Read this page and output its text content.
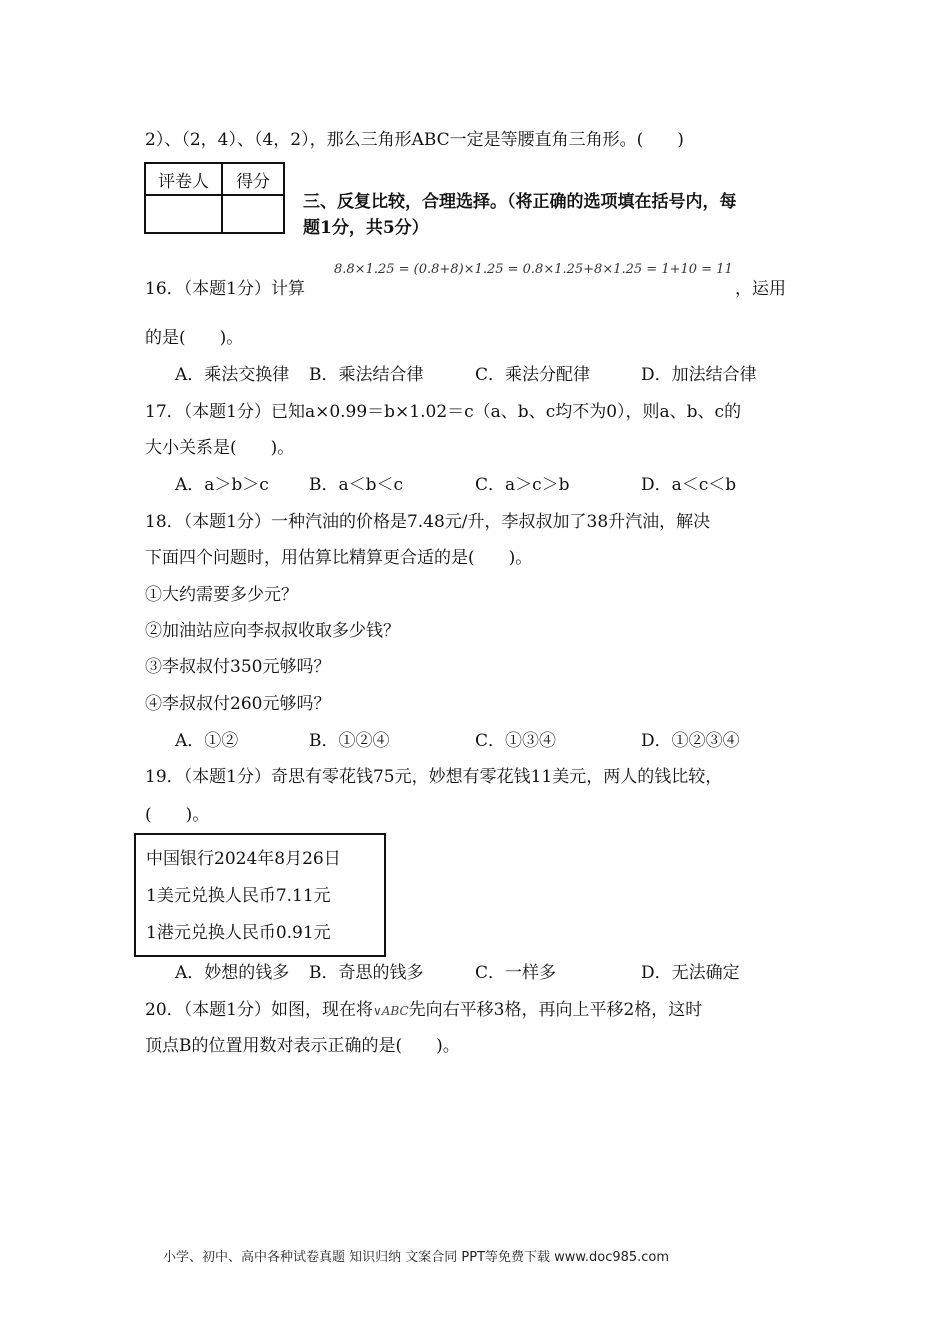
2）、（2，4）、（4，2），那么三角形ABC一定是等腰直角三角形。(　　)
评卷人	得分

三、反复比较，合理选择。（将正确的选项填在括号内，每
题1分，共5分）
16．（本题1分）计算
8.8×1.25 = (0.8+8)×1.25 = 0.8×1.25+8×1.25 = 1+10 = 11
，运用
的是(　　)。
A．乘法交换律 B．乘法结合律	C．乘法分配律	D．加法结合律
17．（本题1分）已知a×0.99＝b×1.02＝c（a、b、c均不为0），则a、b、c的
大小关系是(　　)。
A．a＞b＞c B．a＜b＜c	C．a＞c＞b	D．a＜c＜b
18．（本题1分）一种汽油的价格是7.48元/升，李叔叔加了38升汽油，解决
下面四个问题时，用估算比精算更合适的是(　　)。
①大约需要多少元？
②加油站应向李叔叔收取多少钱？
③李叔叔付350元够吗？
④李叔叔付260元够吗？
A．①②	B．①②④	C．①③④	D．①②③④
19．（本题1分）奇思有零花钱75元，妙想有零花钱11美元，两人的钱比较，
(　　)。
中国银行2024年8月26日
1美元兑换人民币7.11元
1港元兑换人民币0.91元
A．妙想的钱多 B．奇思的钱多	C．一样多	D．无法确定
20．（本题1分）如图，现在将∨ABC先向右平移3格，再向上平移2格，这时
顶点B的位置用数对表示正确的是(　　)。
小学、初中、高中各种试卷真题 知识归纳 文案合同 PPT等免费下载 www.doc985.com
